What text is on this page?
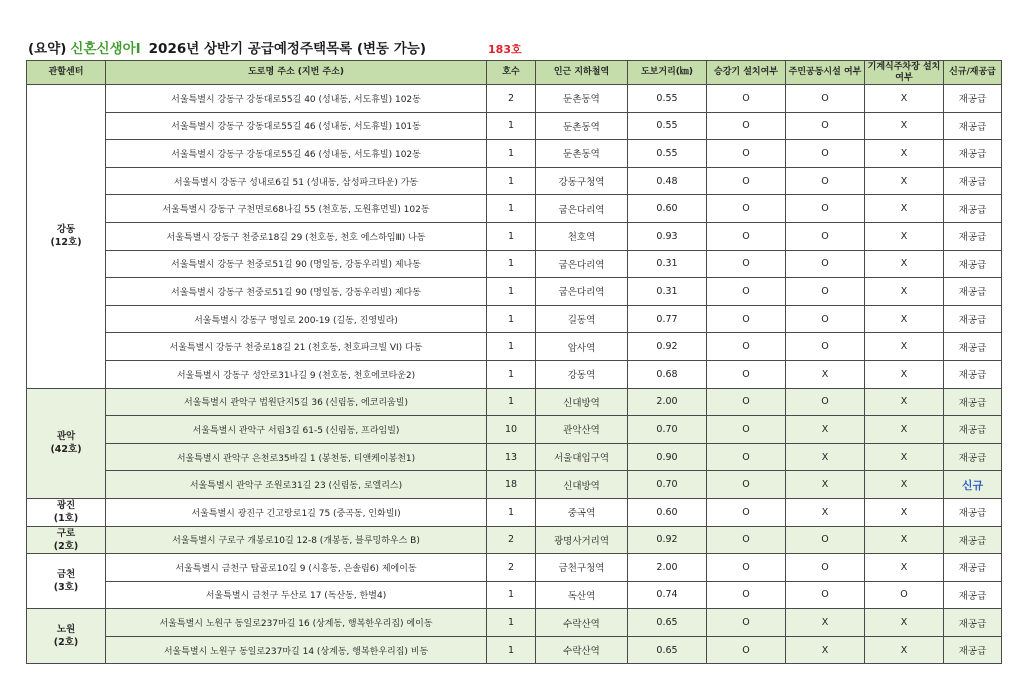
(요약) 신혼신생아Ⅰ 2026년 상반기 공급예정주택목록 (변동 가능)	183호
관할센터	도로명 주소 (지번 주소)	호수	인근 지하철역	도보거리(㎞)	승강기 설치여부	주민공동시설 여부	기계식주차장 설치여부	신규/재공급

강동
(12호)	서울특별시 강동구 강동대로55길 40 (성내동, 서도휴빌) 102동	2	둔촌동역	0.55	O	O	X	재공급
	서울특별시 강동구 강동대로55길 46 (성내동, 서도휴빌) 101동	1	둔촌동역	0.55	O	O	X	재공급
	서울특별시 강동구 강동대로55길 46 (성내동, 서도휴빌) 102동	1	둔촌동역	0.55	O	O	X	재공급
	서울특별시 강동구 성내로6길 51 (성내동, 삼성파크타운) 가동	1	강동구청역	0.48	O	O	X	재공급
	서울특별시 강동구 구천면로68나길 55 (천호동, 도원휴먼빌) 102동	1	굽은다리역	0.60	O	O	X	재공급
	서울특별시 강동구 천중로18길 29 (천호동, 천호 에스하임Ⅲ) 나동	1	천호역	0.93	O	O	X	재공급
	서울특별시 강동구 천중로51길 90 (명일동, 강동우리빌) 제나동	1	굽은다리역	0.31	O	O	X	재공급
	서울특별시 강동구 천중로51길 90 (명일동, 강동우리빌) 제다동	1	굽은다리역	0.31	O	O	X	재공급
	서울특별시 강동구 명일로 200-19 (길동, 진영빌라)	1	길동역	0.77	O	O	X	재공급
	서울특별시 강동구 천중로18길 21 (천호동, 천호파크빌 VI) 다동	1	암사역	0.92	O	O	X	재공급
	서울특별시 강동구 성안로31나길 9 (천호동, 천호에코타운2)	1	강동역	0.68	O	X	X	재공급

관악
(42호)	서울특별시 관악구 법원단지5길 36 (신림동, 에코리움빌)	1	신대방역	2.00	O	O	X	재공급
	서울특별시 관악구 서림3길 61-5 (신림동, 프라임빌)	10	관악산역	0.70	O	X	X	재공급
	서울특별시 관악구 은천로35바길 1 (봉천동, 티앤케이봉천1)	13	서울대입구역	0.90	O	X	X	재공급
	서울특별시 관악구 조원로31길 23 (신림동, 로엘리스)	18	신대방역	0.70	O	X	X	신규

광진
(1호)	서울특별시 광진구 긴고랑로1길 75 (중곡동, 인화빌Ⅰ)	1	중곡역	0.60	O	X	X	재공급

구로
(2호)	서울특별시 구로구 개봉로10길 12-8 (개봉동, 블루밍하우스 B)	2	광명사거리역	0.92	O	O	X	재공급

금천
(3호)	서울특별시 금천구 탑골로10길 9 (시흥동, 은솔림6) 제에이동	2	금천구청역	2.00	O	O	X	재공급
	서울특별시 금천구 두산로 17 (독산동, 한별4)	1	독산역	0.74	O	O	O	재공급

노원
(2호)	서울특별시 노원구 동일로237마길 16 (상계동, 행복한우리집) 에이동	1	수락산역	0.65	O	X	X	재공급
	서울특별시 노원구 동일로237마길 14 (상계동, 행복한우리집) 비동	1	수락산역	0.65	O	X	X	재공급
